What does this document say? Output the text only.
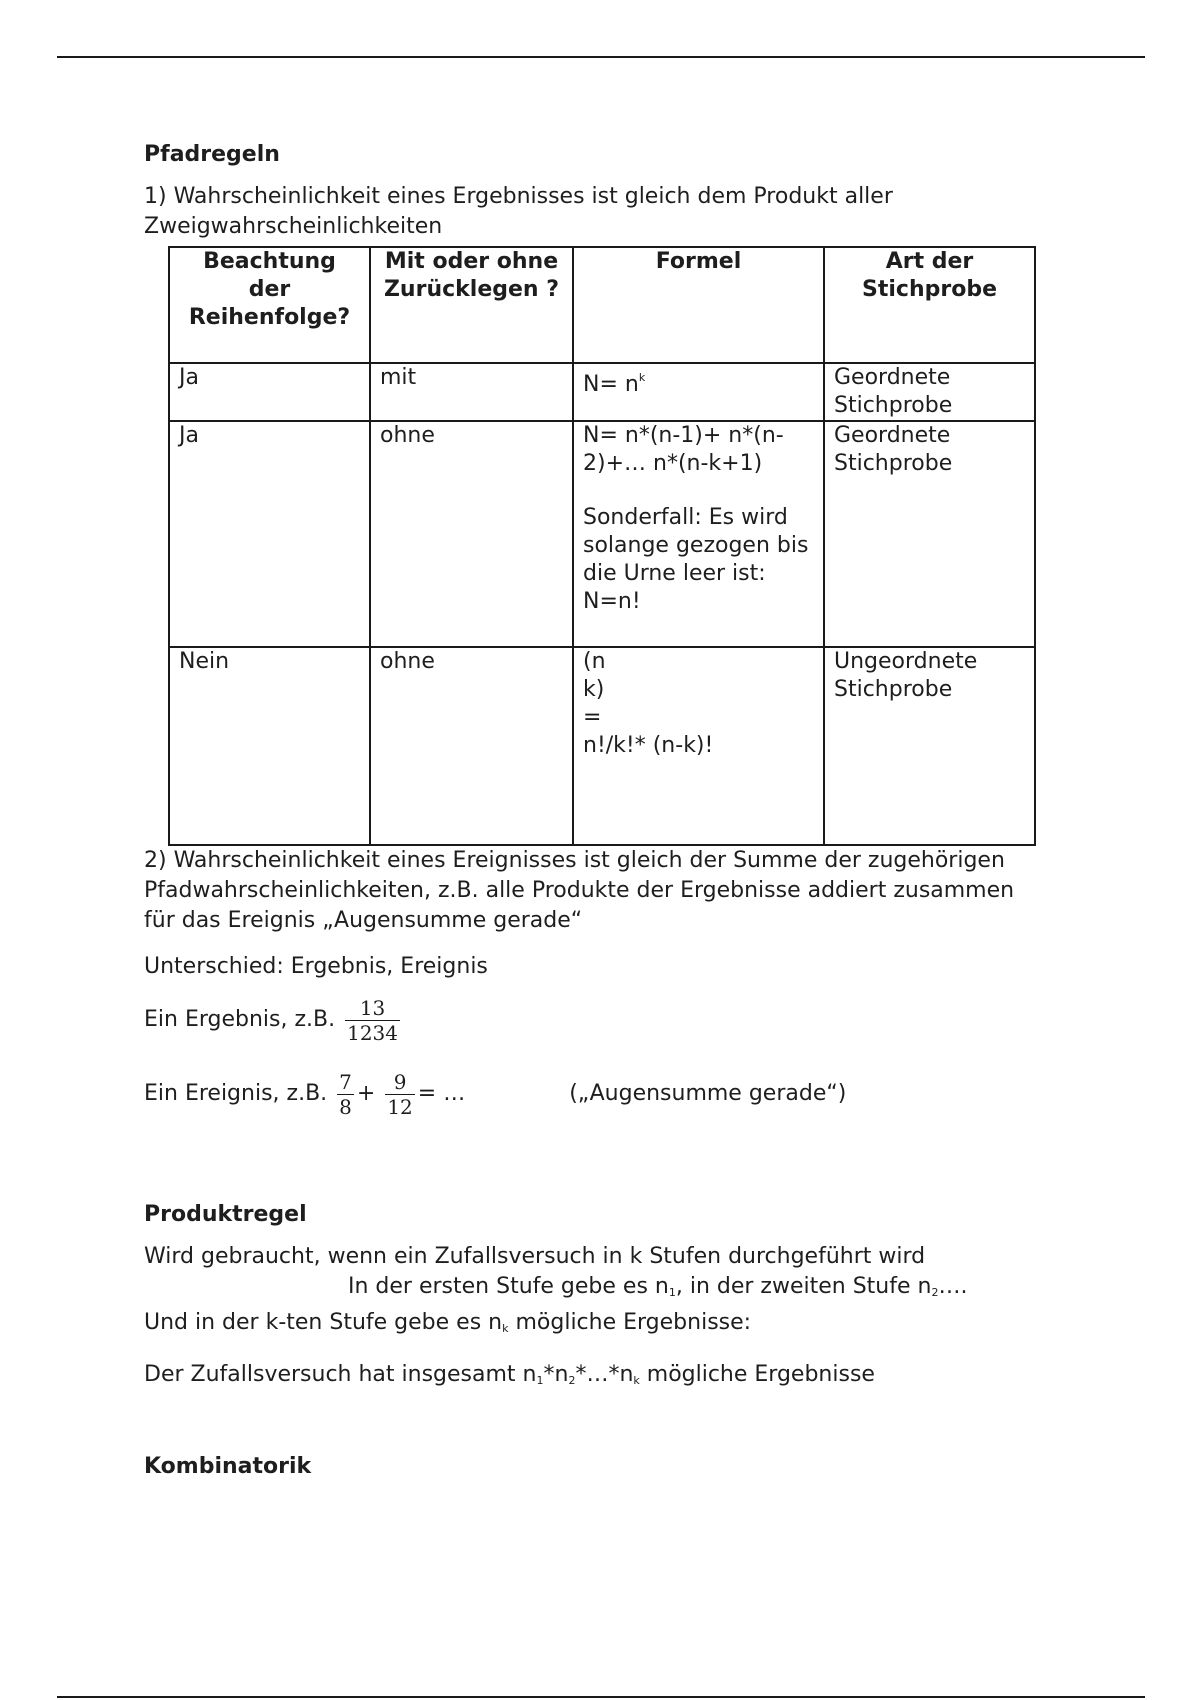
Pfadregeln

1) Wahrscheinlichkeit eines Ergebnisses ist gleich dem Produkt aller Zweigwahrscheinlichkeiten

Beachtung der Reihenfolge?	Mit oder ohne Zurücklegen ?	Formel	Art der Stichprobe
Ja	mit	$N= n^k$	Geordnete Stichprobe
Ja	ohne	N= n*(n-1)+ n*(n-2)+… n*(n-k+1)
Sonderfall: Es wird solange gezogen bis die Urne leer ist:
N=n!	Geordnete Stichprobe
Nein	ohne	(n
k)
=
n!/k!* (n-k)!	Ungeordnete Stichprobe

2) Wahrscheinlichkeit eines Ereignisses ist gleich der Summe der zugehörigen Pfadwahrscheinlichkeiten, z.B. alle Produkte der Ergebnisse addiert zusammen für das Ereignis „Augensumme gerade“

Unterschied: Ergebnis, Ereignis

Ein Ergebnis, z.B. $\frac{13}{1234}$
Ein Ereignis, z.B. $\frac{7}{8} + \frac{9}{12}$ = …	(„Augensumme gerade“)
Produktregel

Wird gebraucht, wenn ein Zufallsversuch in k Stufen durchgeführt wird

In der ersten Stufe gebe es $n_1$, in der zweiten Stufe $n_2\dots$.

Und in der k-ten Stufe gebe es $n_k$ mögliche Ergebnisse:

Der Zufallsversuch hat insgesamt $n_1*n_2*\dots*n_k$ mögliche Ergebnisse

Kombinatorik
